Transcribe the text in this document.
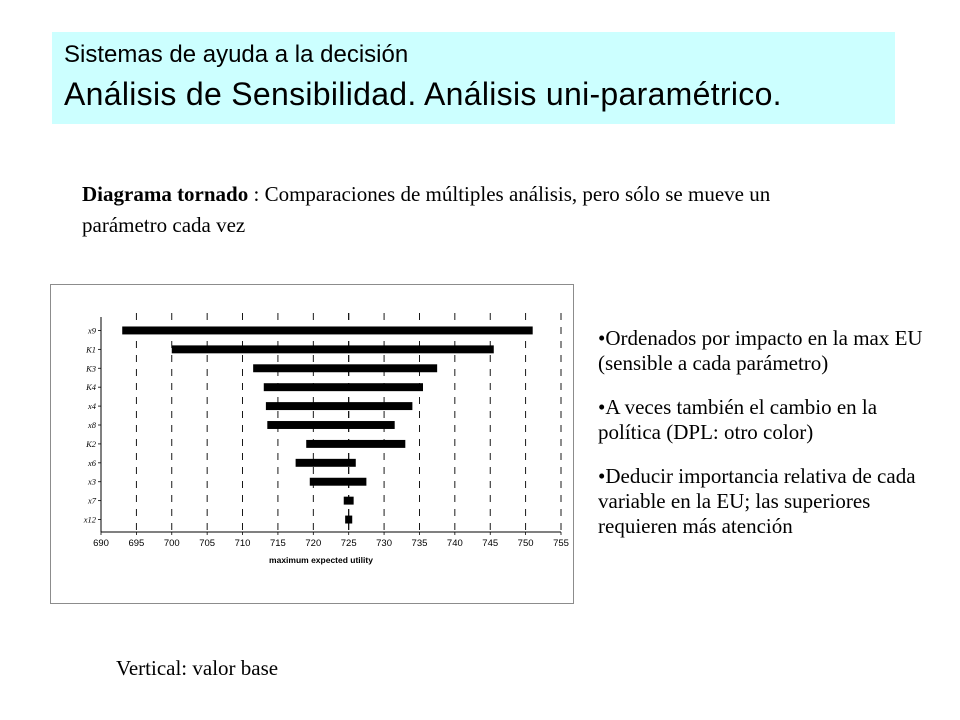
Sistemas de ayuda a la decisión
Análisis de Sensibilidad. Análisis uni-paramétrico.
Diagrama tornado : Comparaciones de múltiples análisis, pero sólo se mueve un parámetro cada vez
x9
K1
K3
K4
x4
x8
K2
x6
x3
x7
x12
690 695 700 705 710 715 720 725 730 735 740 745 750 755
maximum expected utility

•Ordenados por impacto en la max EU (sensible a cada parámetro)

•A veces también el cambio en la política (DPL: otro color)

•Deducir importancia relativa de cada variable en la EU; las superiores requieren más atención

Vertical: valor base
